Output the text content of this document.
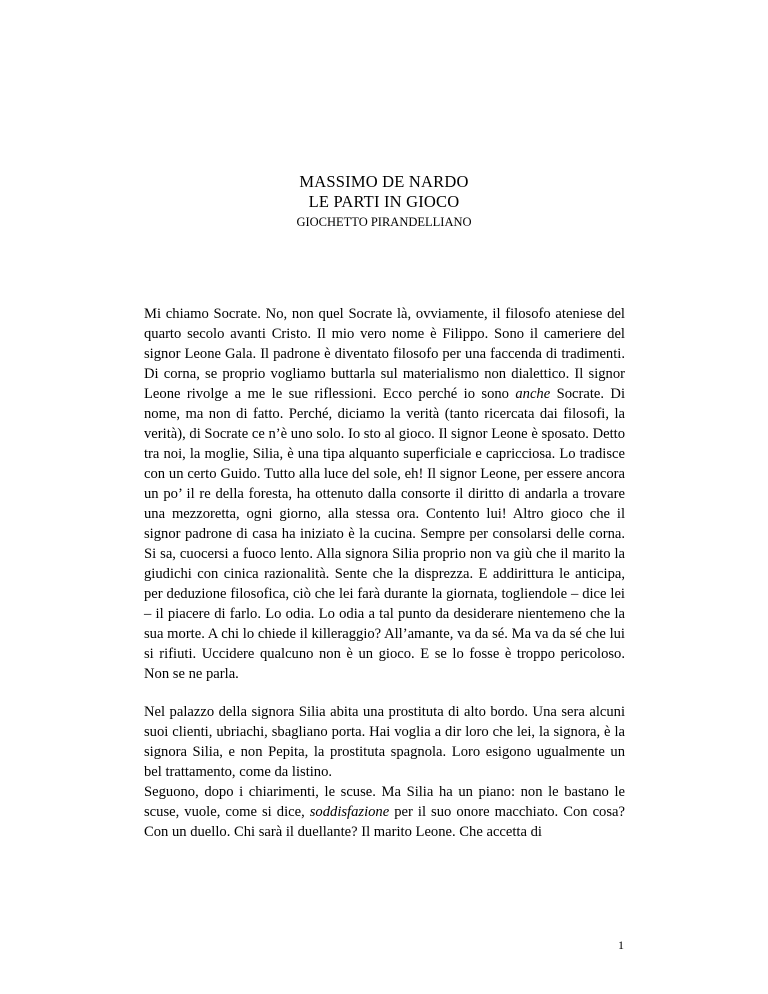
MASSIMO DE NARDO
LE PARTI IN GIOCO
GIOCHETTO PIRANDELLIANO

Mi chiamo Socrate. No, non quel Socrate là, ovviamente, il filosofo ateniese del quarto secolo avanti Cristo. Il mio vero nome è Filippo. Sono il cameriere del signor Leone Gala. Il padrone è diventato filosofo per una faccenda di tradimenti. Di corna, se proprio vogliamo buttarla sul materialismo non dialettico. Il signor Leone rivolge a me le sue riflessioni. Ecco perché io sono anche Socrate. Di nome, ma non di fatto. Perché, diciamo la verità (tanto ricercata dai filosofi, la verità), di Socrate ce n’è uno solo. Io sto al gioco. Il signor Leone è sposato. Detto tra noi, la moglie, Silia, è una tipa alquanto superficiale e capricciosa. Lo tradisce con un certo Guido. Tutto alla luce del sole, eh! Il signor Leone, per essere ancora un po’ il re della foresta, ha ottenuto dalla consorte il diritto di andarla a trovare una mezzoretta, ogni giorno, alla stessa ora. Contento lui! Altro gioco che il signor padrone di casa ha iniziato è la cucina. Sempre per consolarsi delle corna. Si sa, cuocersi a fuoco lento. Alla signora Silia proprio non va giù che il marito la giudichi con cinica razionalità. Sente che la disprezza. E addirittura le anticipa, per deduzione filosofica, ciò che lei farà durante la giornata, togliendole – dice lei – il piacere di farlo. Lo odia. Lo odia a tal punto da desiderare nientemeno che la sua morte. A chi lo chiede il killeraggio? All’amante, va da sé. Ma va da sé che lui si rifiuti. Uccidere qualcuno non è un gioco. E se lo fosse è troppo pericoloso. Non se ne parla.

Nel palazzo della signora Silia abita una prostituta di alto bordo. Una sera alcuni suoi clienti, ubriachi, sbagliano porta. Hai voglia a dir loro che lei, la signora, è la signora Silia, e non Pepita, la prostituta spagnola. Loro esigono ugualmente un bel trattamento, come da listino.

Seguono, dopo i chiarimenti, le scuse. Ma Silia ha un piano: non le bastano le scuse, vuole, come si dice, soddisfazione per il suo onore macchiato. Con cosa? Con un duello. Chi sarà il duellante? Il marito Leone. Che accetta di

1
